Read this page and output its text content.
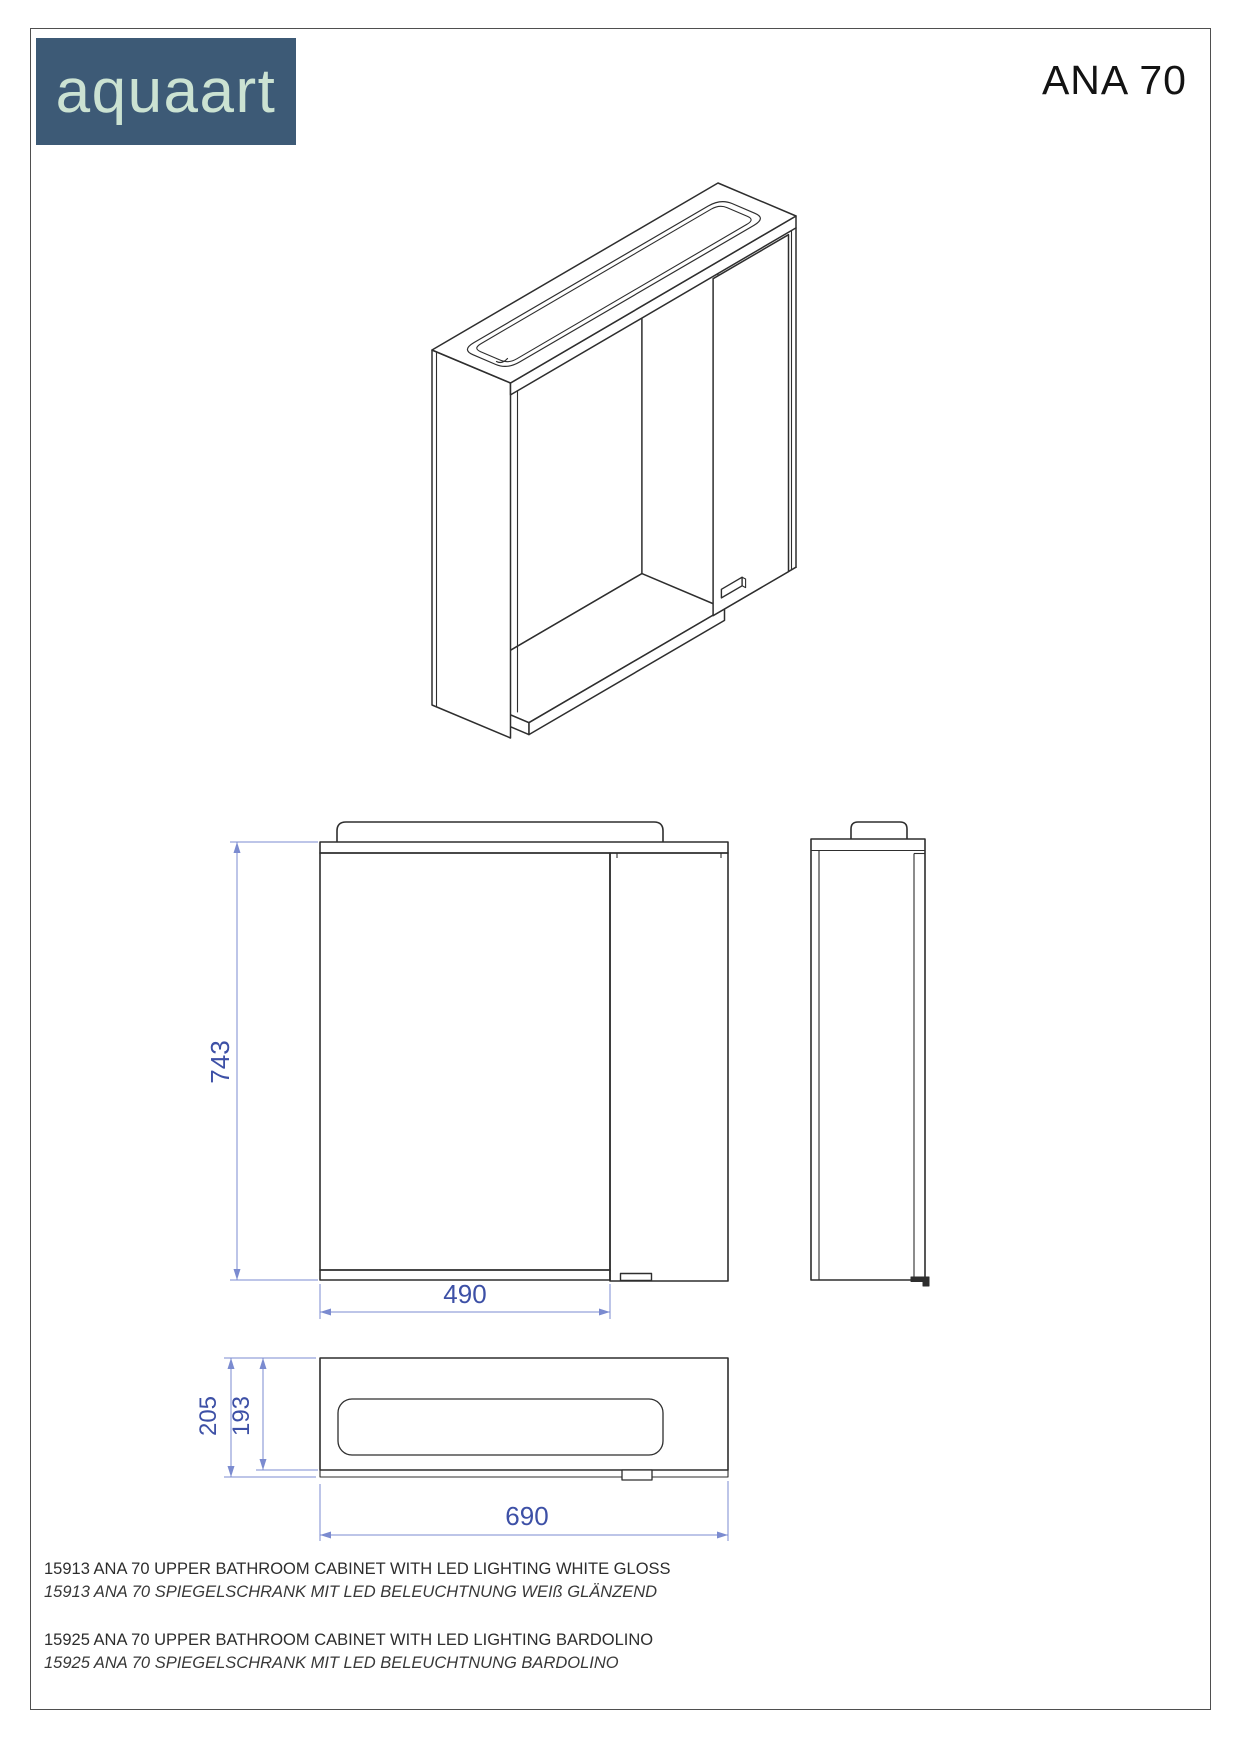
aquaart	ANA 70
743
490
205 193
690

15913 ANA 70 UPPER BATHROOM CABINET WITH LED LIGHTING WHITE GLOSS

15913 ANA 70 SPIEGELSCHRANK MIT LED BELEUCHTNUNG WEIß GLÄNZEND

15925 ANA 70 UPPER BATHROOM CABINET WITH LED LIGHTING BARDOLINO

15925 ANA 70 SPIEGELSCHRANK MIT LED BELEUCHTNUNG BARDOLINO
